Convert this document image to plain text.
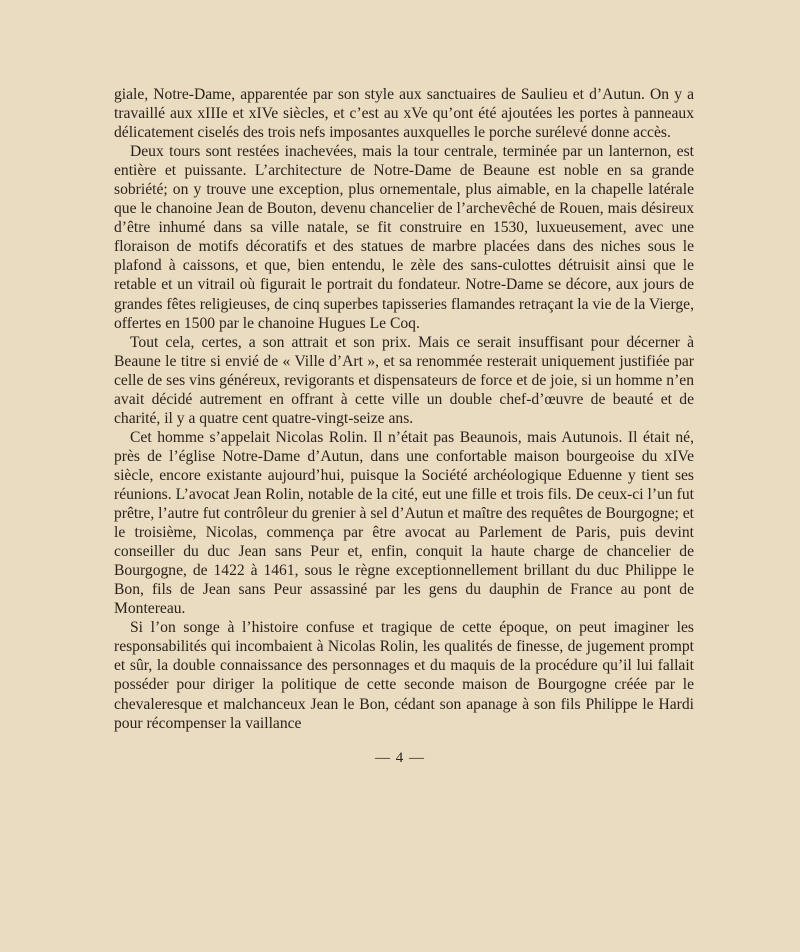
giale, Notre-Dame, apparentée par son style aux sanctuaires de Saulieu et d’Autun. On y a travaillé aux xIIIe et xIVe siècles, et c’est au xVe qu’ont été ajoutées les portes à panneaux délicatement ciselés des trois nefs imposantes auxquelles le porche surélevé donne accès.

Deux tours sont restées inachevées, mais la tour centrale, terminée par un lanternon, est entière et puissante. L’architecture de Notre-Dame de Beaune est noble en sa grande sobriété; on y trouve une exception, plus ornementale, plus aimable, en la chapelle latérale que le chanoine Jean de Bouton, devenu chancelier de l’archevêché de Rouen, mais désireux d’être inhumé dans sa ville natale, se fit construire en 1530, luxueusement, avec une floraison de motifs décoratifs et des statues de marbre placées dans des niches sous le plafond à caissons, et que, bien entendu, le zèle des sans-culottes détruisit ainsi que le retable et un vitrail où figurait le portrait du fondateur. Notre-Dame se décore, aux jours de grandes fêtes religieuses, de cinq superbes tapisseries flamandes retraçant la vie de la Vierge, offertes en 1500 par le chanoine Hugues Le Coq.

Tout cela, certes, a son attrait et son prix. Mais ce serait insuffisant pour décerner à Beaune le titre si envié de « Ville d’Art », et sa renommée resterait uniquement justifiée par celle de ses vins généreux, revigorants et dispensateurs de force et de joie, si un homme n’en avait décidé autrement en offrant à cette ville un double chef-d’œuvre de beauté et de charité, il y a quatre cent quatre-vingt-seize ans.

Cet homme s’appelait Nicolas Rolin. Il n’était pas Beaunois, mais Autunois. Il était né, près de l’église Notre-Dame d’Autun, dans une confortable maison bourgeoise du xIVe siècle, encore existante aujourd’hui, puisque la Société archéologique Eduenne y tient ses réunions. L’avocat Jean Rolin, notable de la cité, eut une fille et trois fils. De ceux-ci l’un fut prêtre, l’autre fut contrôleur du grenier à sel d’Autun et maître des requêtes de Bourgogne; et le troisième, Nicolas, commença par être avocat au Parlement de Paris, puis devint conseiller du duc Jean sans Peur et, enfin, conquit la haute charge de chancelier de Bourgogne, de 1422 à 1461, sous le règne exceptionnellement brillant du duc Philippe le Bon, fils de Jean sans Peur assassiné par les gens du dauphin de France au pont de Montereau.

Si l’on songe à l’histoire confuse et tragique de cette époque, on peut imaginer les responsabilités qui incombaient à Nicolas Rolin, les qualités de finesse, de jugement prompt et sûr, la double connaissance des personnages et du maquis de la procédure qu’il lui fallait posséder pour diriger la politique de cette seconde maison de Bourgogne créée par le chevaleresque et malchanceux Jean le Bon, cédant son apanage à son fils Philippe le Hardi pour récompenser la vaillance

— 4 —
